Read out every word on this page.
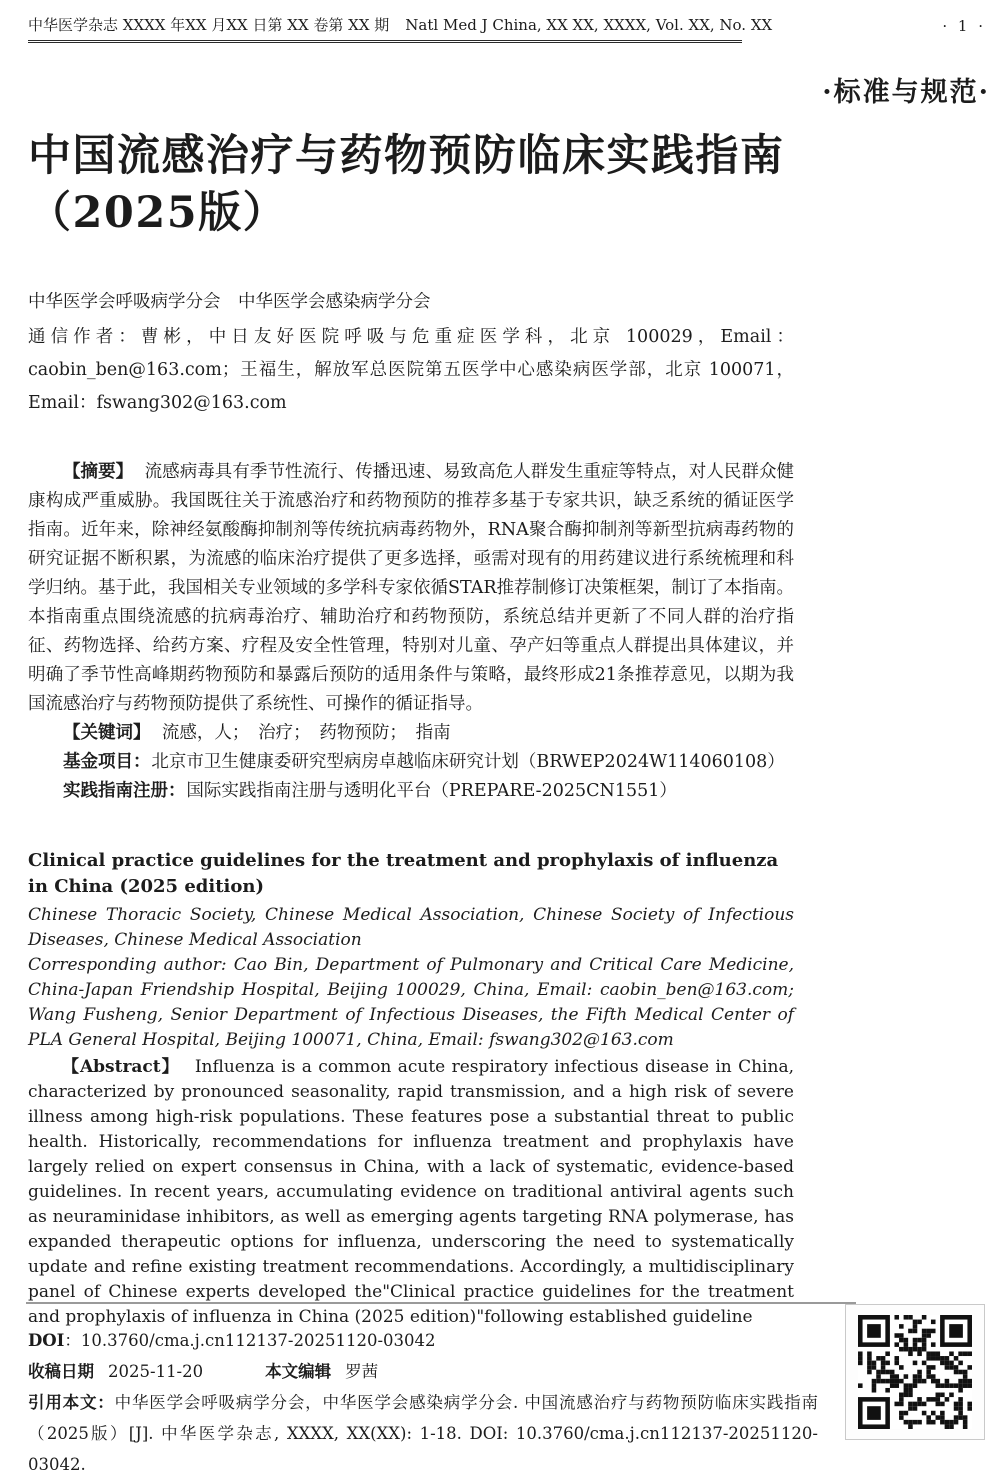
中华医学杂志 XXXX 年XX 月XX 日第 XX 卷第 XX 期 Natl Med J China, XX XX, XXXX, Vol. XX, No. XX	· 1 ·
·标准与规范·
中国流感治疗与药物预防临床实践指南
（2025版）

中华医学会呼吸病学分会　中华医学会感染病学分会

通信作者：曹彬，中日友好医院呼吸与危重症医学科，北京 100029，Email：caobin_ben@163.com；王福生，解放军总医院第五医学中心感染病医学部，北京 100071，Email：fswang302@163.com

【摘要】 流感病毒具有季节性流行、传播迅速、易致高危人群发生重症等特点，对人民群众健康构成严重威胁。我国既往关于流感治疗和药物预防的推荐多基于专家共识，缺乏系统的循证医学指南。近年来，除神经氨酸酶抑制剂等传统抗病毒药物外，RNA聚合酶抑制剂等新型抗病毒药物的研究证据不断积累，为流感的临床治疗提供了更多选择，亟需对现有的用药建议进行系统梳理和科学归纳。基于此，我国相关专业领域的多学科专家依循STAR推荐制修订决策框架，制订了本指南。本指南重点围绕流感的抗病毒治疗、辅助治疗和药物预防，系统总结并更新了不同人群的治疗指征、药物选择、给药方案、疗程及安全性管理，特别对儿童、孕产妇等重点人群提出具体建议，并明确了季节性高峰期药物预防和暴露后预防的适用条件与策略，最终形成21条推荐意见，以期为我国流感治疗与药物预防提供了系统性、可操作的循证指导。

【关键词】 流感，人；　治疗；　药物预防；　指南

基金项目：北京市卫生健康委研究型病房卓越临床研究计划（BRWEP2024W114060108）

实践指南注册：国际实践指南注册与透明化平台（PREPARE-2025CN1551）

Clinical practice guidelines for the treatment and prophylaxis of influenza in China (2025 edition)

Chinese Thoracic Society, Chinese Medical Association, Chinese Society of Infectious Diseases, Chinese Medical Association

Corresponding author: Cao Bin, Department of Pulmonary and Critical Care Medicine, China-Japan Friendship Hospital, Beijing 100029, China, Email: caobin_ben@163.com; Wang Fusheng, Senior Department of Infectious Diseases, the Fifth Medical Center of PLA General Hospital, Beijing 100071, China, Email: fswang302@163.com

【Abstract】 Influenza is a common acute respiratory infectious disease in China, characterized by pronounced seasonality, rapid transmission, and a high risk of severe illness among high-risk populations. These features pose a substantial threat to public health. Historically, recommendations for influenza treatment and prophylaxis have largely relied on expert consensus in China, with a lack of systematic, evidence-based guidelines. In recent years, accumulating evidence on traditional antiviral agents such as neuraminidase inhibitors, as well as emerging agents targeting RNA polymerase, has expanded therapeutic options for influenza, underscoring the need to systematically update and refine existing treatment recommendations. Accordingly, a multidisciplinary panel of Chinese experts developed the"Clinical practice guidelines for the treatment and prophylaxis of influenza in China (2025 edition)"following established guideline

DOI：10.3760/cma.j.cn112137-20251120-03042

收稿日期 2025-11-20	本文编辑 罗茜

引用本文：中华医学会呼吸病学分会，中华医学会感染病学分会. 中国流感治疗与药物预防临床实践指南（2025版）[J]. 中华医学杂志, XXXX, XX(XX): 1-18. DOI: 10.3760/cma.j.cn112137-20251120-03042.
